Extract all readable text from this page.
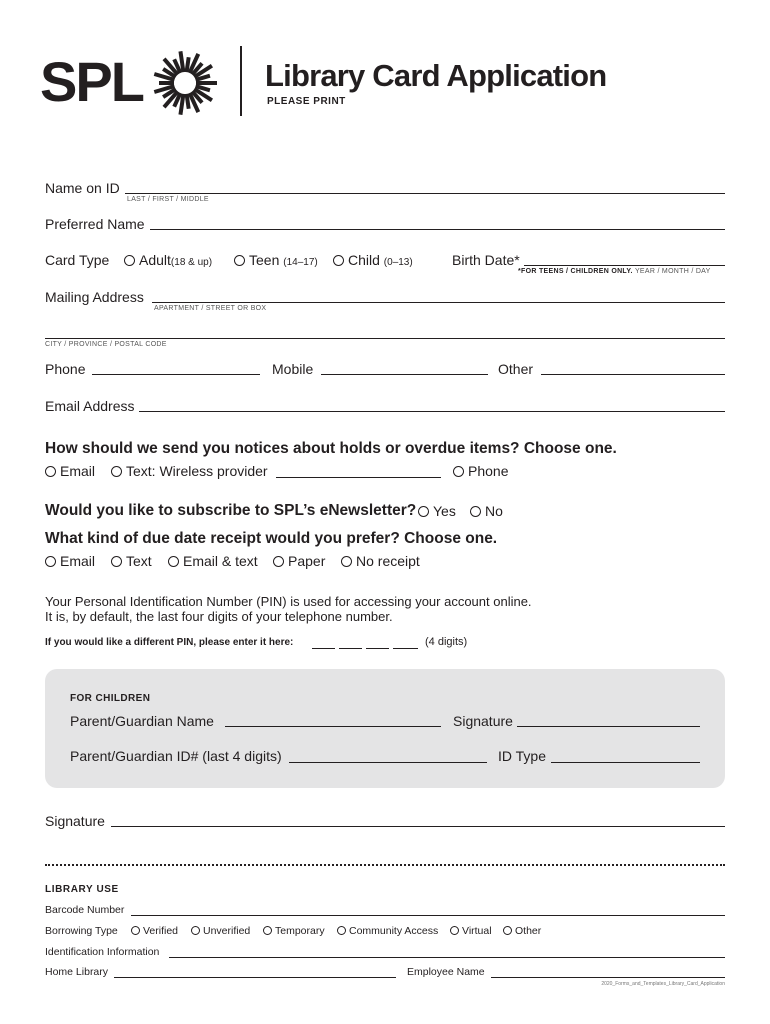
SPL	Library Card Application
PLEASE PRINT
Name on ID
LAST / FIRST / MIDDLE
Preferred Name
Card Type	Adult(18 & up)	Teen (14–17)	Child (0–13)	Birth Date*
*FOR TEENS / CHILDREN ONLY. YEAR / MONTH / DAY
Mailing Address
APARTMENT / STREET OR BOX
CITY / PROVINCE / POSTAL CODE
Phone	Mobile	Other
Email Address
How should we send you notices about holds or overdue items? Choose one.
Email	Text: Wireless provider	Phone
Would you like to subscribe to SPL’s eNewsletter?	Yes	No
What kind of due date receipt would you prefer? Choose one.
Email	Text	Email & text	Paper	No receipt
Your Personal Identification Number (PIN) is used for accessing your account online.
It is, by default, the last four digits of your telephone number.
If you would like a different PIN, please enter it here:	(4 digits)
FOR CHILDREN
Parent/Guardian Name	Signature
Parent/Guardian ID# (last 4 digits)	ID Type
Signature
LIBRARY USE
Barcode Number
Borrowing Type	Verified	Unverified	Temporary	Community Access	Virtual	Other
Identification Information
Home Library	Employee Name
2020_Forms_and_Templates_Library_Card_Application
